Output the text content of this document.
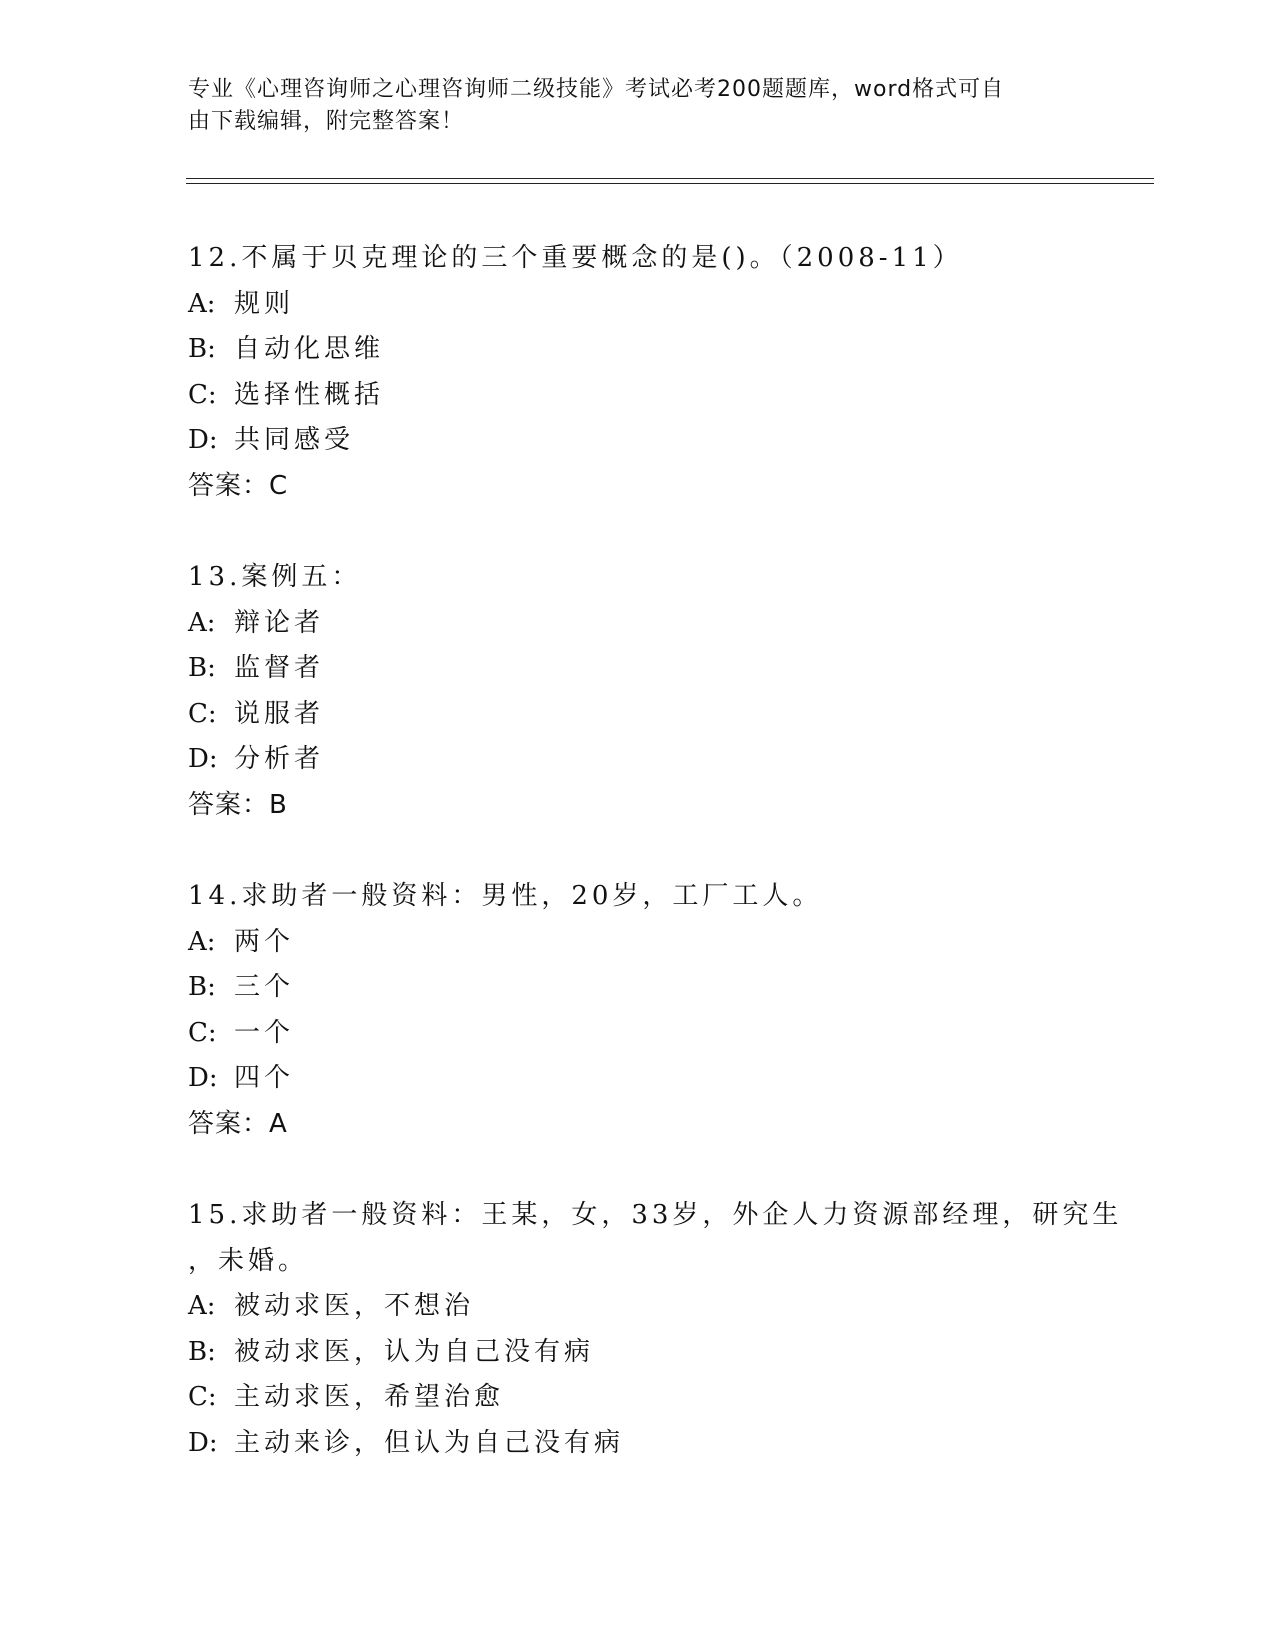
专业《心理咨询师之心理咨询师二级技能》考试必考200题题库，word格式可自
由下载编辑，附完整答案！
12.不属于贝克理论的三个重要概念的是()。（2008-11）
A: 规则
B: 自动化思维
C: 选择性概括
D: 共同感受
答案：C
13.案例五：
A: 辩论者
B: 监督者
C: 说服者
D: 分析者
答案：B
14.求助者一般资料：男性，20岁，工厂工人。
A: 两个
B: 三个
C: 一个
D: 四个
答案：A
15.求助者一般资料：王某，女，33岁，外企人力资源部经理，研究生
，未婚。
A: 被动求医，不想治
B: 被动求医，认为自己没有病
C: 主动求医，希望治愈
D: 主动来诊，但认为自己没有病
